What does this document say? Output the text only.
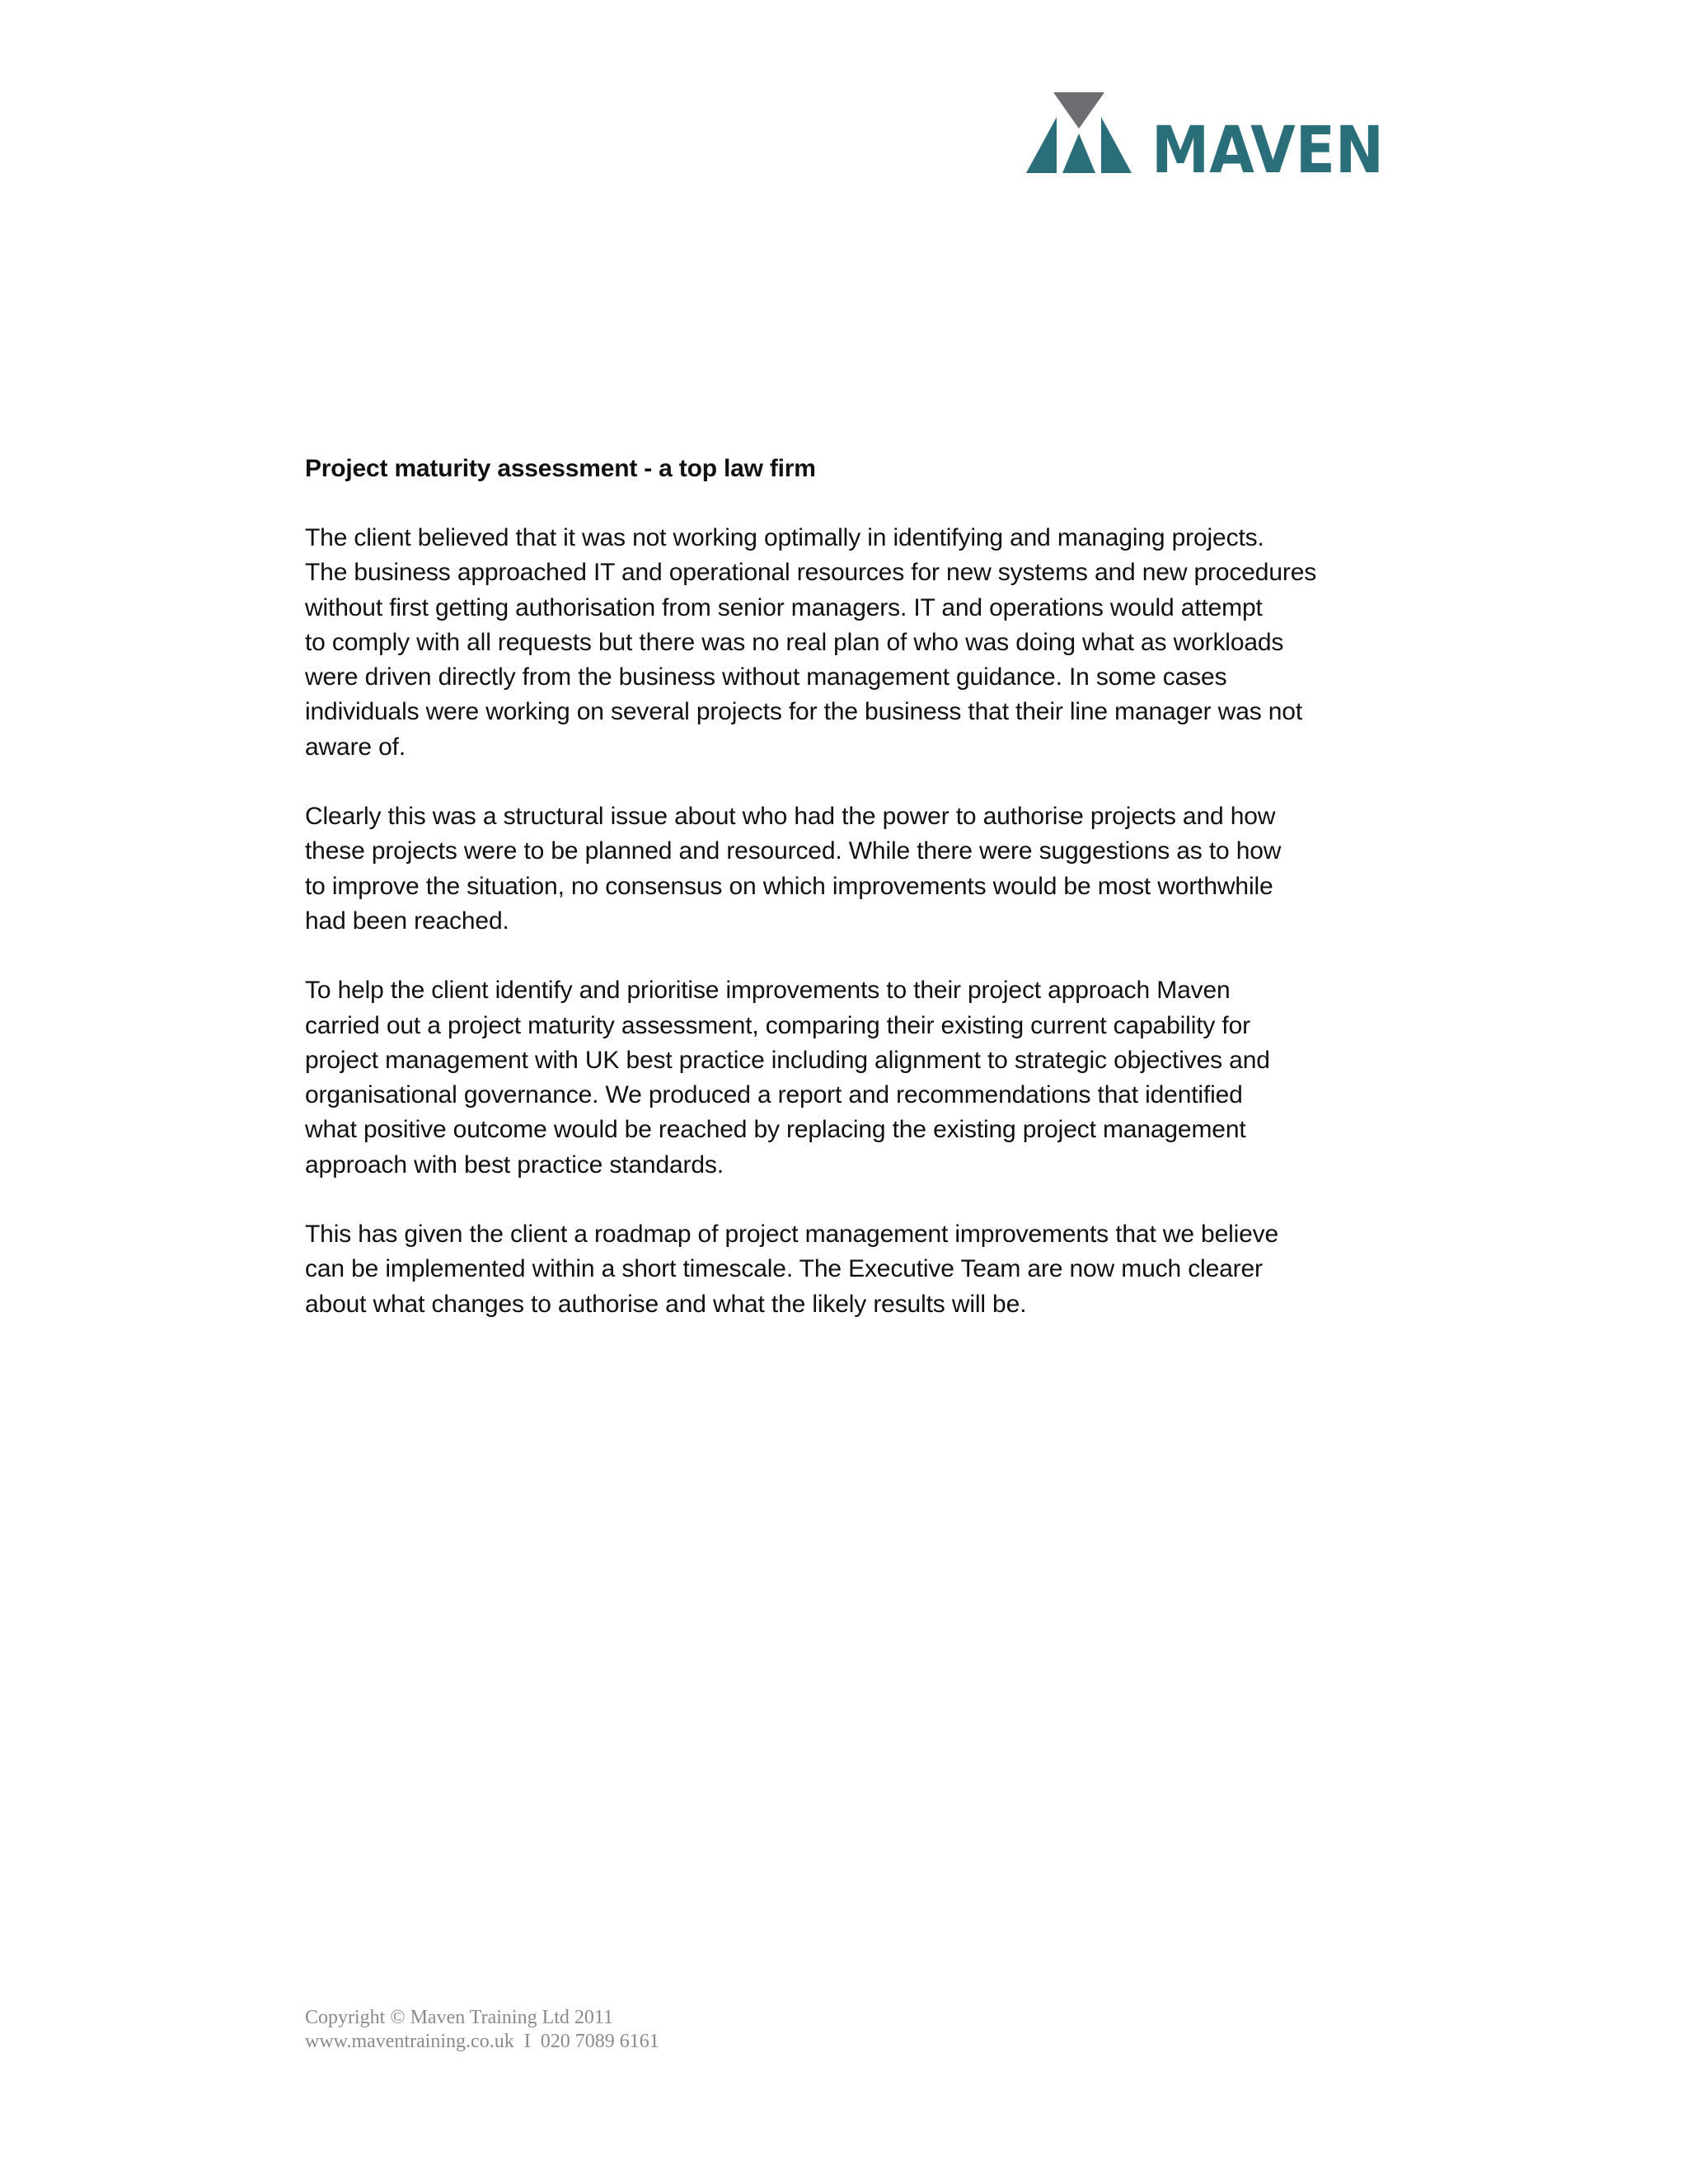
MAVEN
Project maturity assessment - a top law firm
The client believed that it was not working optimally in identifying and managing projects.
The business approached IT and operational resources for new systems and new procedures
without first getting authorisation from senior managers. IT and operations would attempt
to comply with all requests but there was no real plan of who was doing what as workloads
were driven directly from the business without management guidance. In some cases
individuals were working on several projects for the business that their line manager was not
aware of.
Clearly this was a structural issue about who had the power to authorise projects and how
these projects were to be planned and resourced. While there were suggestions as to how
to improve the situation, no consensus on which improvements would be most worthwhile
had been reached.
To help the client identify and prioritise improvements to their project approach Maven
carried out a project maturity assessment, comparing their existing current capability for
project management with UK best practice including alignment to strategic objectives and
organisational governance. We produced a report and recommendations that identified
what positive outcome would be reached by replacing the existing project management
approach with best practice standards.
This has given the client a roadmap of project management improvements that we believe
can be implemented within a short timescale. The Executive Team are now much clearer
about what changes to authorise and what the likely results will be.
Copyright © Maven Training Ltd 2011
www.maventraining.co.uk  I  020 7089 6161
